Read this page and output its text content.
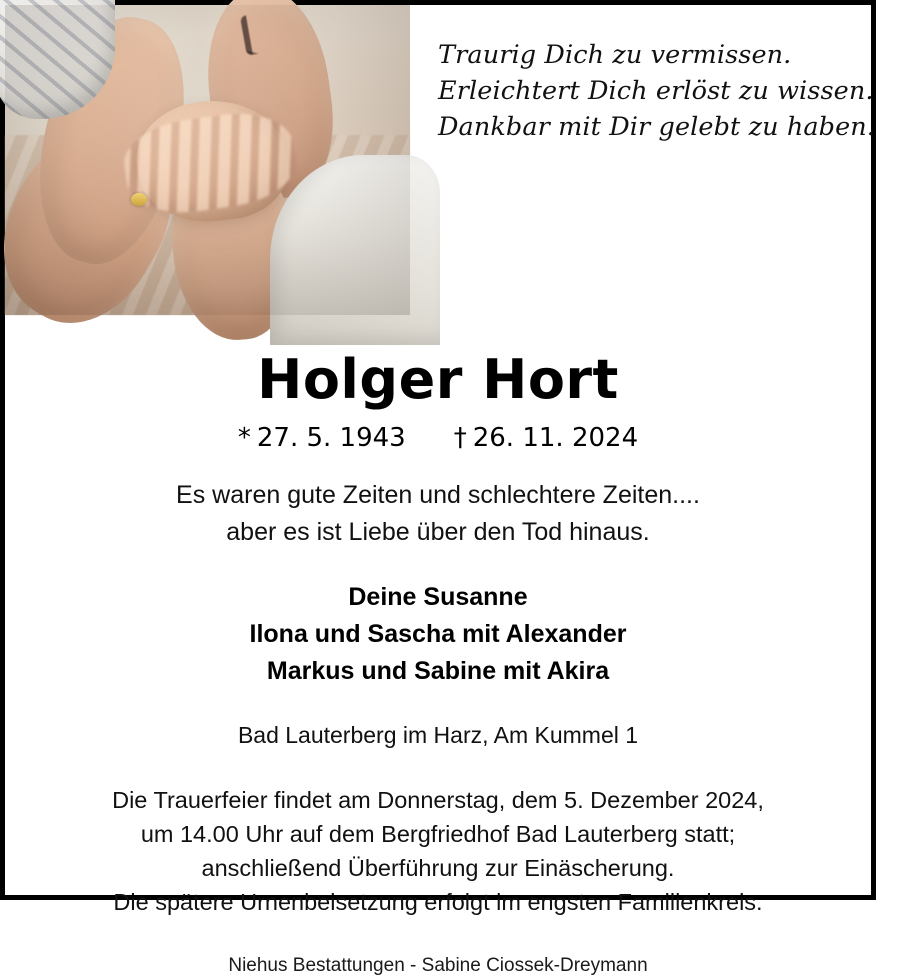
Traurig Dich zu vermissen.
Erleichtert Dich erlöst zu wissen.
Dankbar mit Dir gelebt zu haben.
Holger Hort
* 27. 5. 1943 † 26. 11. 2024
Es waren gute Zeiten und schlechtere Zeiten....
aber es ist Liebe über den Tod hinaus.
Deine Susanne
Ilona und Sascha mit Alexander
Markus und Sabine mit Akira
Bad Lauterberg im Harz, Am Kummel 1
Die Trauerfeier findet am Donnerstag, dem 5. Dezember 2024,
um 14.00 Uhr auf dem Bergfriedhof Bad Lauterberg statt;
anschließend Überführung zur Einäscherung.
Die spätere Urnenbeisetzung erfolgt im engsten Familienkreis.
Niehus Bestattungen - Sabine Ciossek-Dreymann
